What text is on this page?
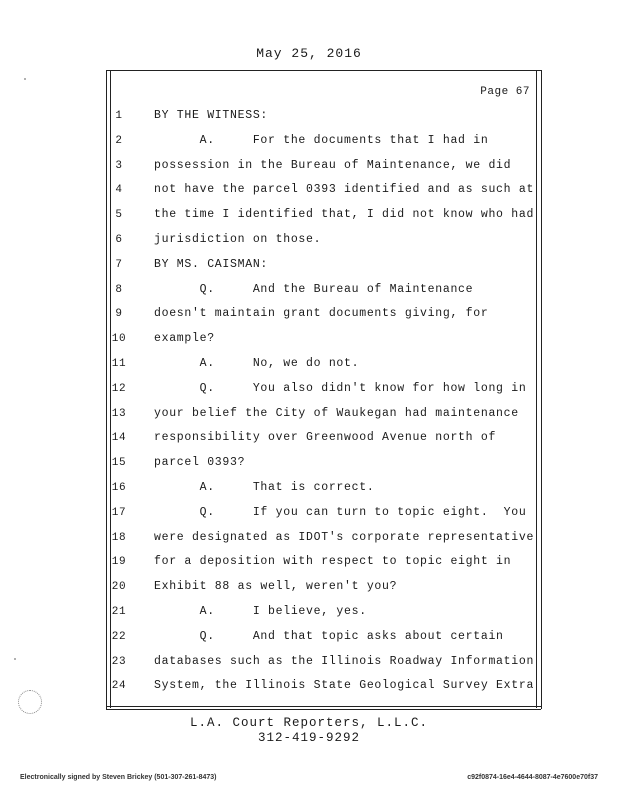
May 25, 2016
Page 67
1	BY THE WITNESS:
2	A.     For the documents that I had in
3	possession in the Bureau of Maintenance, we did
4	not have the parcel 0393 identified and as such at
5	the time I identified that, I did not know who had
6	jurisdiction on those.
7	BY MS. CAISMAN:
8	Q.     And the Bureau of Maintenance
9	doesn't maintain grant documents giving, for
10	example?
11	A.     No, we do not.
12	Q.     You also didn't know for how long in
13	your belief the City of Waukegan had maintenance
14	responsibility over Greenwood Avenue north of
15	parcel 0393?
16	A.     That is correct.
17	Q.     If you can turn to topic eight.  You
18	were designated as IDOT's corporate representative
19	for a deposition with respect to topic eight in
20	Exhibit 88 as well, weren't you?
21	A.     I believe, yes.
22	Q.     And that topic asks about certain
23	databases such as the Illinois Roadway Information
24	System, the Illinois State Geological Survey Extra
L.A. Court Reporters, L.L.C.
312-419-9292
Electronically signed by Steven Brickey (501-307-261-8473)	c92f0874-16e4-4644-8087-4e7600e70f37
